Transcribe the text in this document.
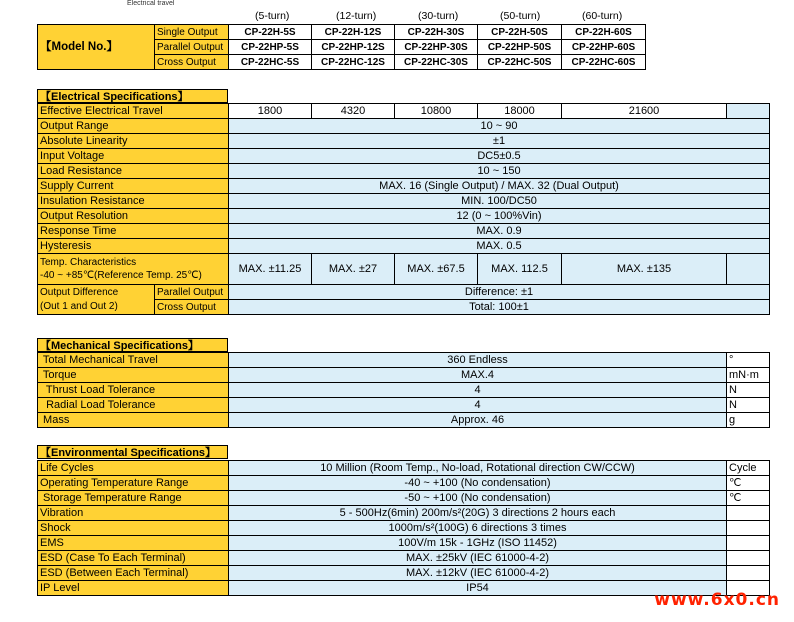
Electrical travel
(5-turn)	(12-turn)	(30-turn)	(50-turn)	(60-turn)
【Model No.】	Single Output	CP-22H-5S	CP-22H-12S	CP-22H-30S	CP-22H-50S	CP-22H-60S
	Parallel Output	CP-22HP-5S	CP-22HP-12S	CP-22HP-30S	CP-22HP-50S	CP-22HP-60S
	Cross Output	CP-22HC-5S	CP-22HC-12S	CP-22HC-30S	CP-22HC-50S	CP-22HC-60S
【Electrical Specifications】
Effective Electrical Travel		1800	4320	10800	18000	21600		
Output Range		10 ~ 90	
Absolute Linearity		±1	
Input Voltage		DC5±0.5	
Load Resistance		10 ~ 150	
Supply Current		MAX. 16 (Single Output) / MAX. 32 (Dual Output)	
Insulation Resistance		MIN. 100/DC50	
Output Resolution		12 (0 ~ 100%Vin)	
Response Time		MAX. 0.9	
Hysteresis		MAX. 0.5	

Temp. Characteristics
-40 ~ +85℃(Reference Temp. 25℃)		MAX. ±11.25	MAX. ±27	MAX. ±67.5	MAX. 112.5	MAX. ±135		

Output Difference
(Out 1 and Out 2)	Parallel Output	Difference: ±1	
	Cross Output	Total: 100±1						
【Mechanical Specifications】
Total Mechanical Travel	360 Endless	°
Torque	MAX.4	mN·m
Thrust Load Tolerance	4	N
Radial Load Tolerance	4	N
Mass	Approx. 46	g
【Environmental Specifications】
Life Cycles	10 Million (Room Temp., No-load, Rotational direction CW/CCW)	Cycle
Operating Temperature Range	-40 ~ +100 (No condensation)	℃
Storage Temperature Range	-50 ~ +100 (No condensation)	℃
Vibration	5 - 500Hz(6min) 200m/s²(20G) 3 directions 2 hours each	
Shock	1000m/s²(100G) 6 directions 3 times	
EMS	100V/m 15k - 1GHz (ISO 11452)	
ESD (Case To Each Terminal)	MAX. ±25kV (IEC 61000-4-2)	
ESD (Between Each Terminal)	MAX. ±12kV (IEC 61000-4-2)	
IP Level	IP54	
www.6x0.cn
